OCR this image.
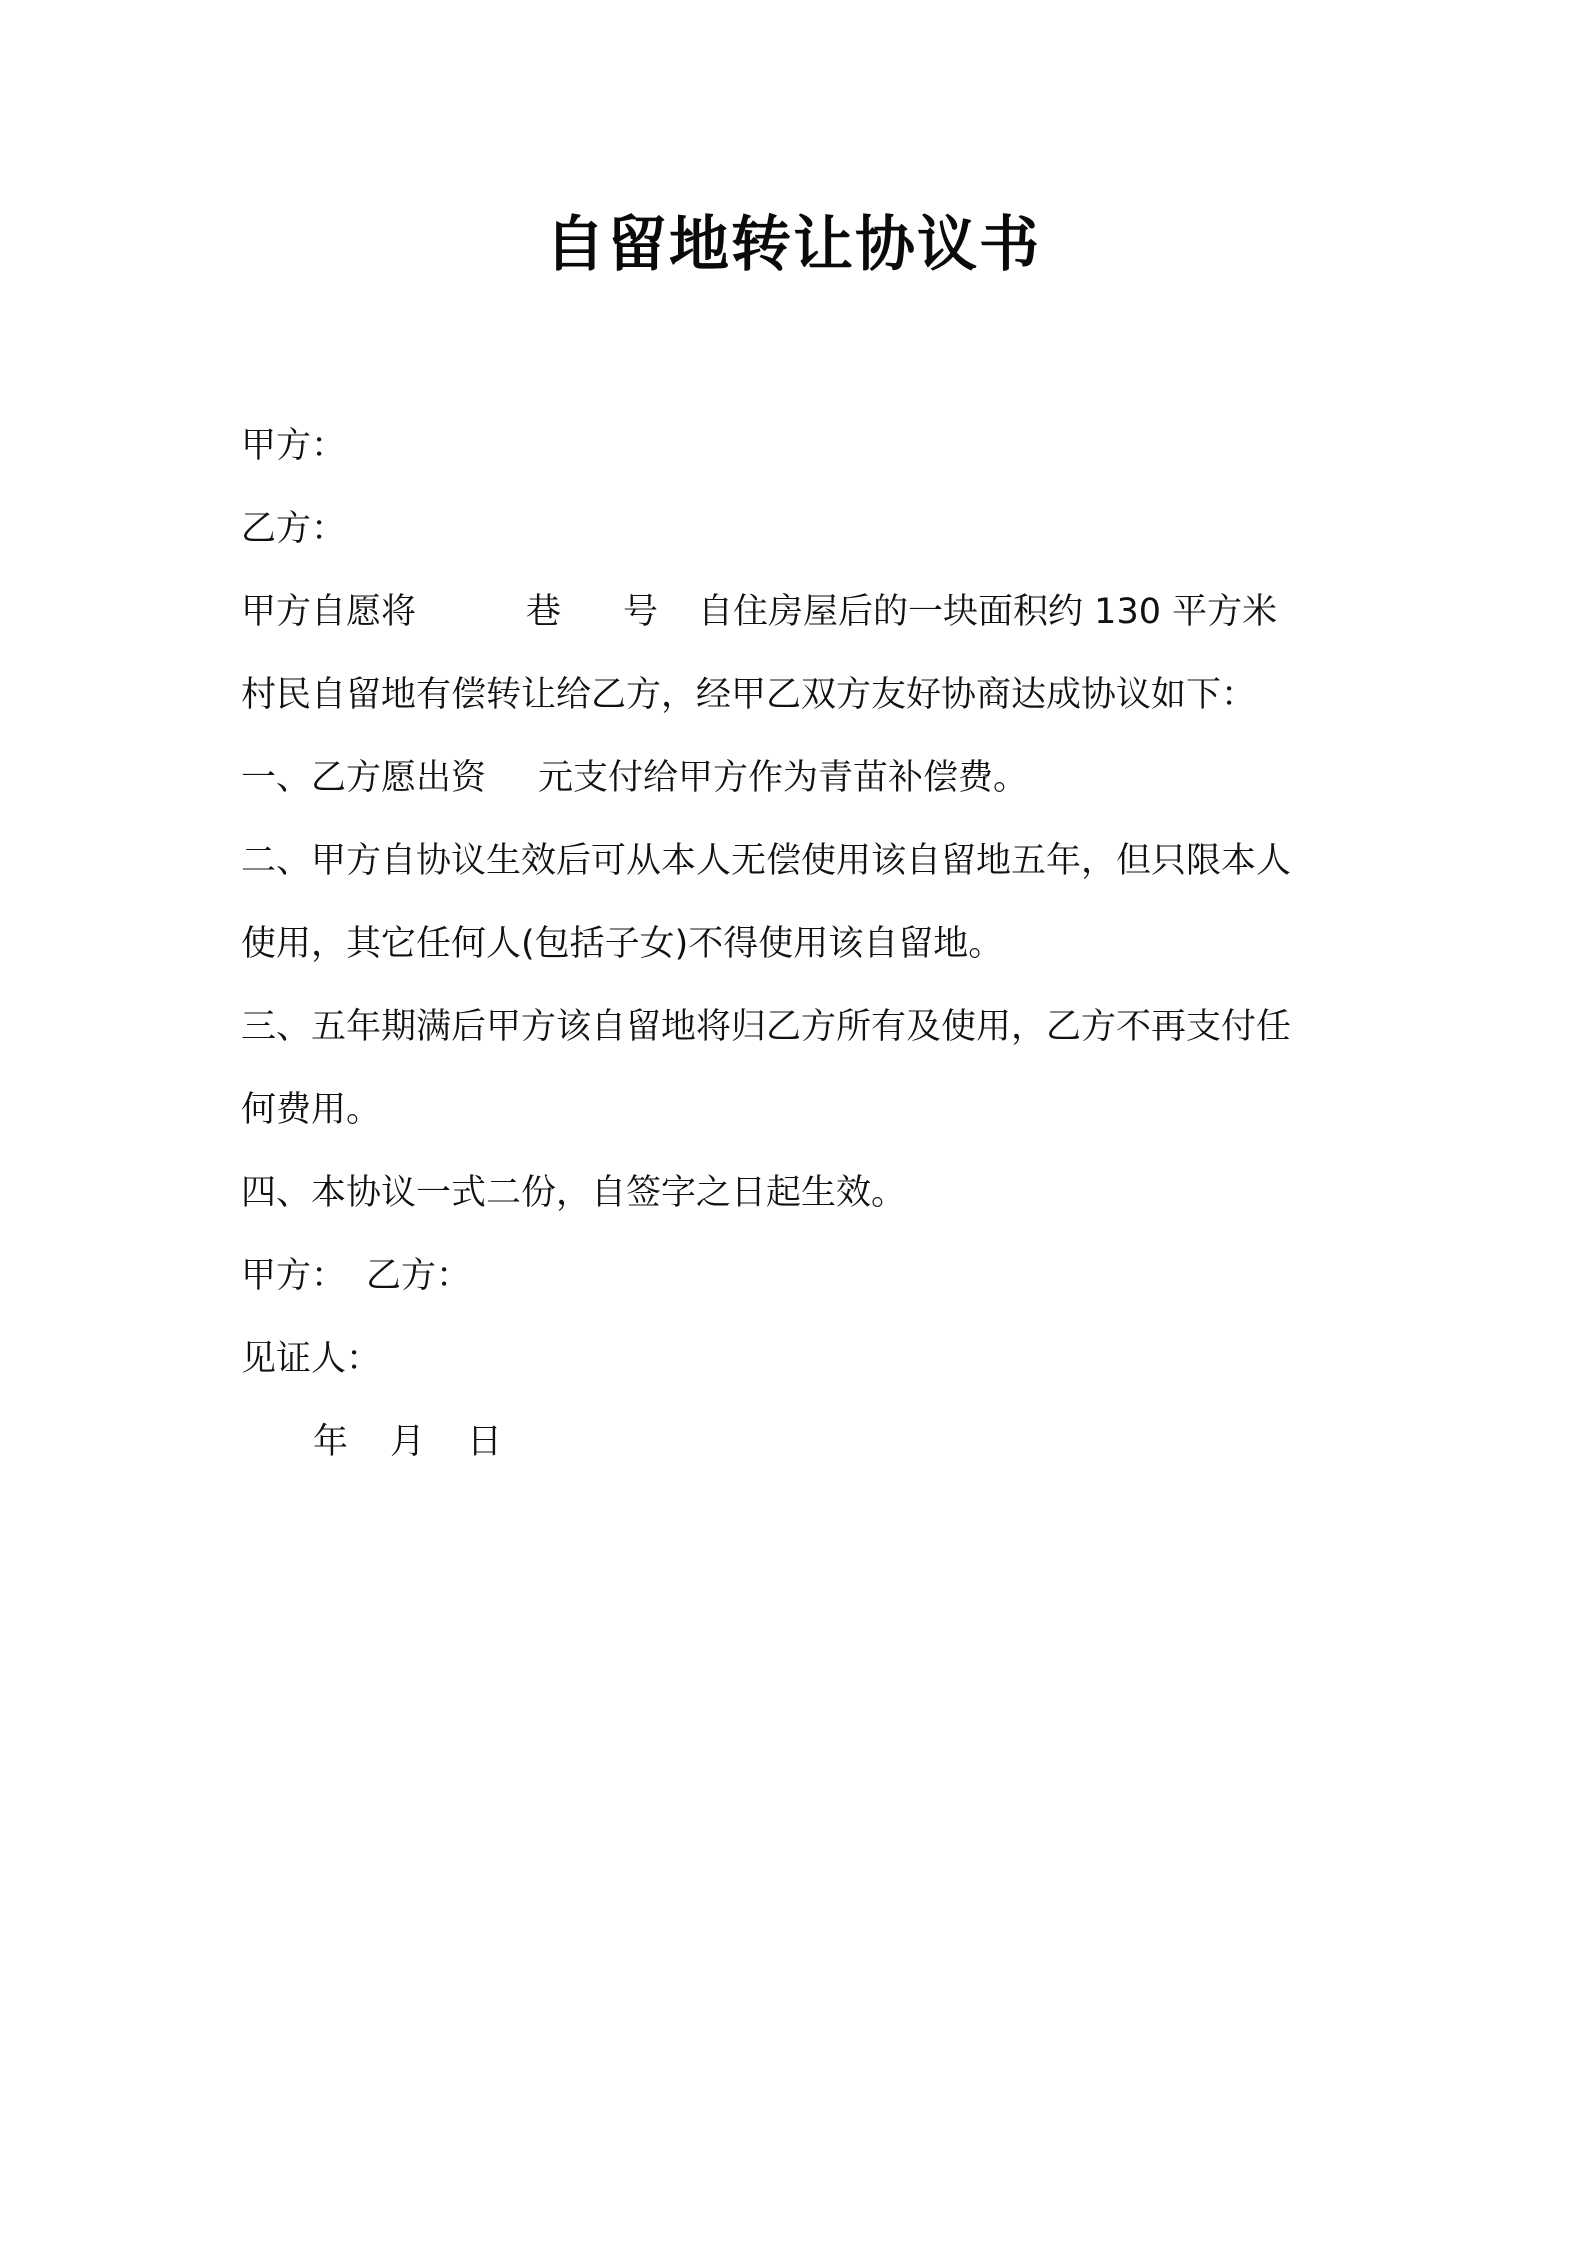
自留地转让协议书
甲方：
乙方：
甲方自愿将	巷 号 自住房屋后的一块面积约 130 平方米
村民自留地有偿转让给乙方，经甲乙双方友好协商达成协议如下：
一、乙方愿出资 元支付给甲方作为青苗补偿费。
二、甲方自协议生效后可从本人无偿使用该自留地五年，但只限本人
使用，其它任何人(包括子女)不得使用该自留地。
三、五年期满后甲方该自留地将归乙方所有及使用，乙方不再支付任
何费用。
四、本协议一式二份，自签字之日起生效。
甲方： 乙方：
见证人：
年 月 日
